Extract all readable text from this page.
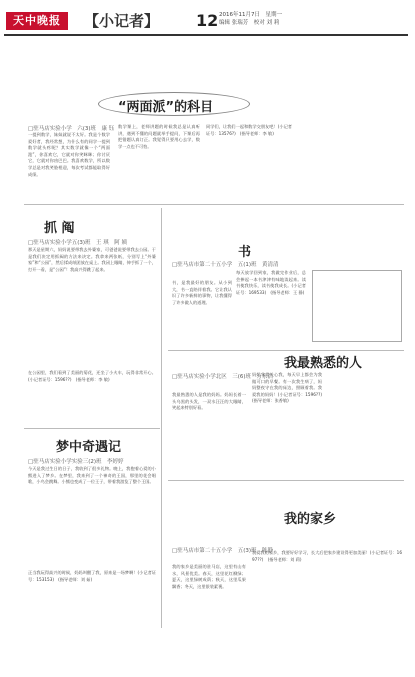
天中晚报	【小记者】 12 2016年11月7日　星期一
编辑 张瑞芳　校对 刘 莉
“两面派”的科目
□驻马店实验小学　六(3)班　康 钰
一提到数学，妹妹就说不太好。我是个数学爱好者，我经常想，为什么有的同学一提到数学就头疼呢？其实数学就像一个“两面派”，你喜欢它，它就对你笑眯眯；你讨厌它，它就对你凶巴巴。我喜欢数学，所以数学总是对我笑脸相迎，每次考试都能取得好成绩。
数学课上，老师讲题的时候我总是认真听讲，遇到不懂的问题就举手提问，下课后再把错题认真订正。我觉得只要用心去学，数学一点也不可怕。
同学们，让我们一起和数学交朋友吧！(小记者证号：13576?)　(指导老师：李 敏)
抓 阄
□驻马店实验小学五(3)班　王 琪　阿 姨
那天是星期六，妈妈说要带我去外婆家，可爸爸说要带我去公园。于是我们决定用抓阄的方法来决定。我拿来两张纸，分别写上“外婆家”和“公园”，然后揉成纸团放在桌上。我闭上眼睛，伸手抓了一个，打开一看，是“公园”！我高兴得跳了起来。
在公园里，我们看到了美丽的菊花，还坐了小火车，玩得非常开心。(小记者证号：1596??)　(指导老师：李 敏)
梦中奇遇记
□驻马店实验小学实验三(2)班　李婷婷
今天是我过生日的日子，我收到了很多礼物。晚上，我抱着心爱的小熊进入了梦乡。在梦里，我来到了一个神奇的王国，那里的花会唱歌，小鸟会跳舞。小熊也变成了一位王子，带着我游览了整个王国。
正当我玩得高兴的时候，妈妈叫醒了我，原来是一场梦啊！(小记者证号：153153)　(指导老师：刘 茹)
书
□驻马店市第二十五小学　五(1)班　黄清清
书，是我最好的朋友。从小到大，书一直陪伴着我。它让我认识了许多新鲜的事物，让我懂得了许多做人的道理。
每天放学回到家，我做完作业后，总会捧起一本书津津有味地读起来。读书使我快乐，读书使我成长。(小记者证号：169533)　(指导老师：王 静)
我最熟悉的人
□驻马店实验小学北区　三(6)班　万东浩
我最熟悉的人是我的妈妈。妈妈长着一头乌黑的头发，一双水汪汪的大眼睛，笑起来特别好看。
妈妈非常关心我，每天早上都会为我做可口的早餐。有一次我生病了，妈妈整夜守在我的床边，照顾着我。我爱我的妈妈！(小记者证号：1596??)　(指导老师：张香敏)
我的家乡
□驻马店市第二十五小学　五(3)班　陈静
我的家乡是美丽的驻马店，这里有山有水，风景优美。春天，这里花红柳绿；夏天，这里绿树成荫；秋天，这里瓜果飘香；冬天，这里银装素裹。
我爱我的家乡，我要好好学习，长大后把家乡建设得更加美丽！(小记者证号：1697??)　(指导老师：刘 莉)
